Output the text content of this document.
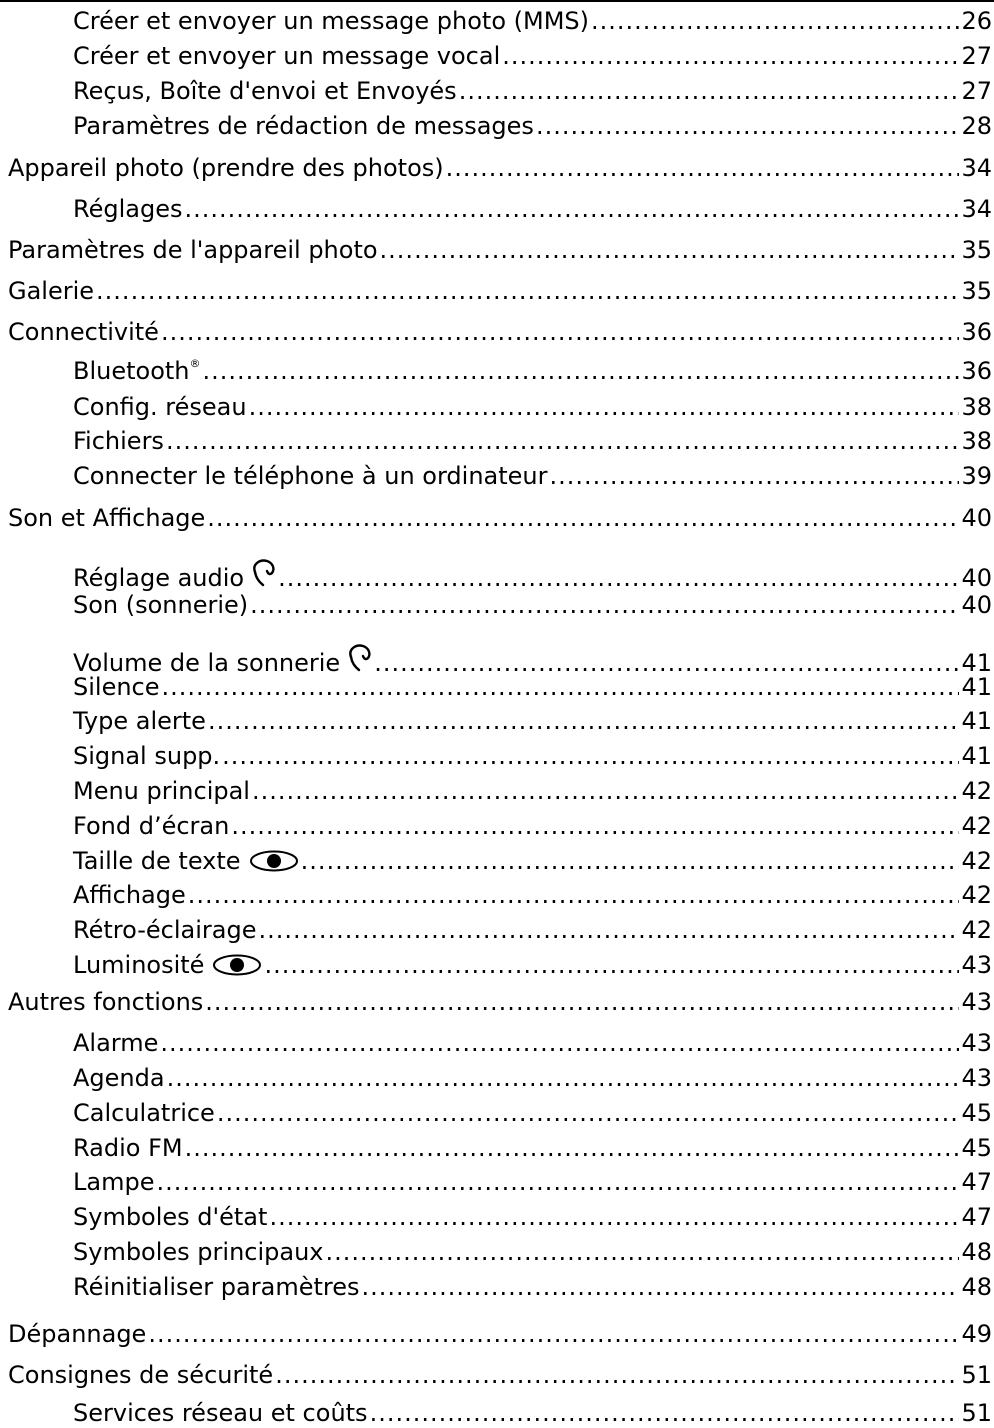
Créer et envoyer un message photo (MMS) .....	26
Créer et envoyer un message vocal .....	27
Reçus, Boîte d'envoi et Envoyés .....	27
Paramètres de rédaction de messages .....	28
Appareil photo (prendre des photos) .....	34
Réglages .....	34
Paramètres de l'appareil photo .....	35
Galerie .....	35
Connectivité .....	36
Bluetooth ® .....	36
Config. réseau .....	38
Fichiers .....	38
Connecter le téléphone à un ordinateur .....	39
Son et Affichage .....	40
Réglage audio .....	40
Son (sonnerie) .....	40
Volume de la sonnerie .....	41
Silence .....	41
Type alerte .....	41
Signal supp. .....	41
Menu principal .....	42
Fond d’écran .....	42
Taille de texte .....	42
Affichage .....	42
Rétro-éclairage .....	42
Luminosité .....	43
Autres fonctions .....	43
Alarme .....	43
Agenda .....	43
Calculatrice .....	45
Radio FM .....	45
Lampe .....	47
Symboles d'état .....	47
Symboles principaux .....	48
Réinitialiser paramètres .....	48
Dépannage .....	49
Consignes de sécurité .....	51
Services réseau et coûts .....	51
